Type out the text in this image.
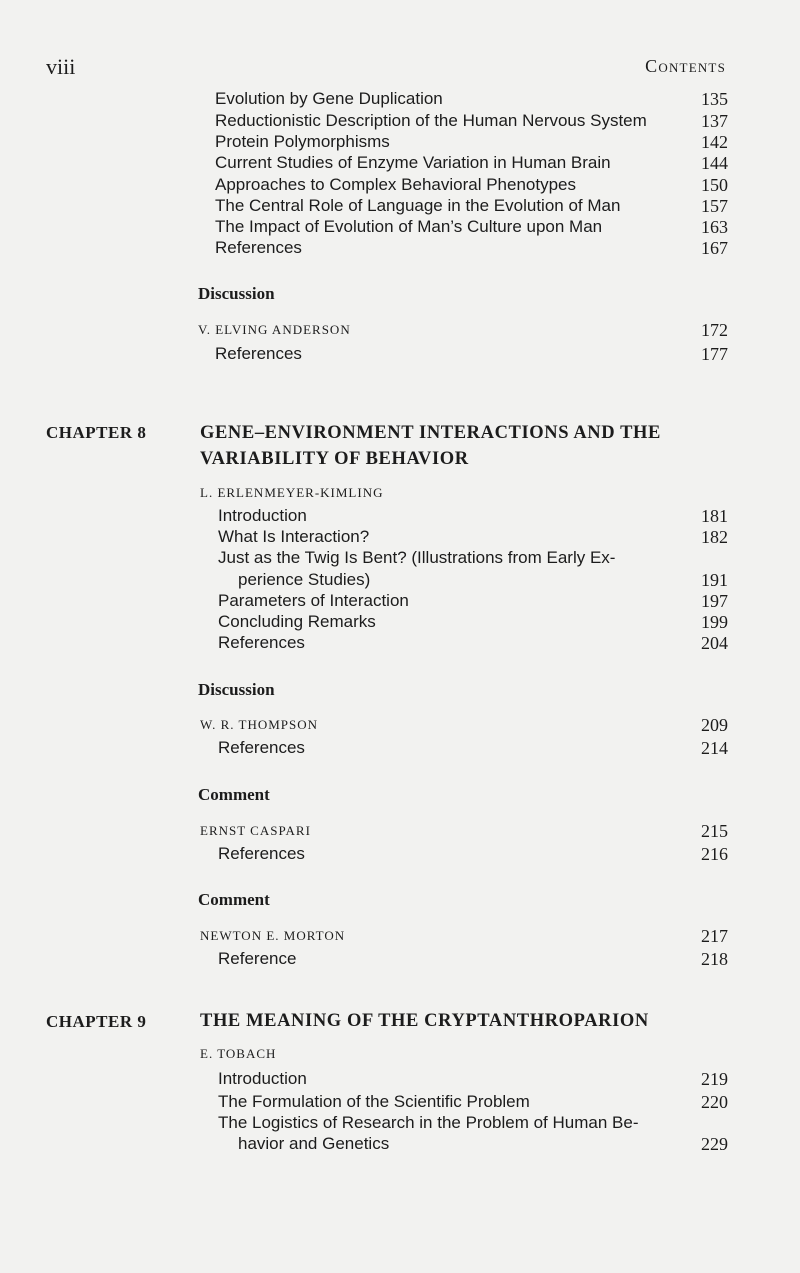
viii	Contents
Evolution by Gene Duplication	135
Reductionistic Description of the Human Nervous System	137
Protein Polymorphisms	142
Current Studies of Enzyme Variation in Human Brain	144
Approaches to Complex Behavioral Phenotypes	150
The Central Role of Language in the Evolution of Man	157
The Impact of Evolution of Man’s Culture upon Man	163
References	167
Discussion
V. ELVING ANDERSON	172
References	177
CHAPTER 8	GENE–ENVIRONMENT INTERACTIONS AND THE
VARIABILITY OF BEHAVIOR
L. ERLENMEYER-KIMLING
Introduction	181
What Is Interaction?	182
Just as the Twig Is Bent? (Illustrations from Early Ex-
perience Studies)	191
Parameters of Interaction	197
Concluding Remarks	199
References	204
Discussion
W. R. THOMPSON	209
References	214
Comment
ERNST CASPARI	215
References	216
Comment
NEWTON E. MORTON	217
Reference	218
CHAPTER 9	THE MEANING OF THE CRYPTANTHROPARION
E. TOBACH
Introduction	219
The Formulation of the Scientific Problem	220
The Logistics of Research in the Problem of Human Be-
havior and Genetics	229
